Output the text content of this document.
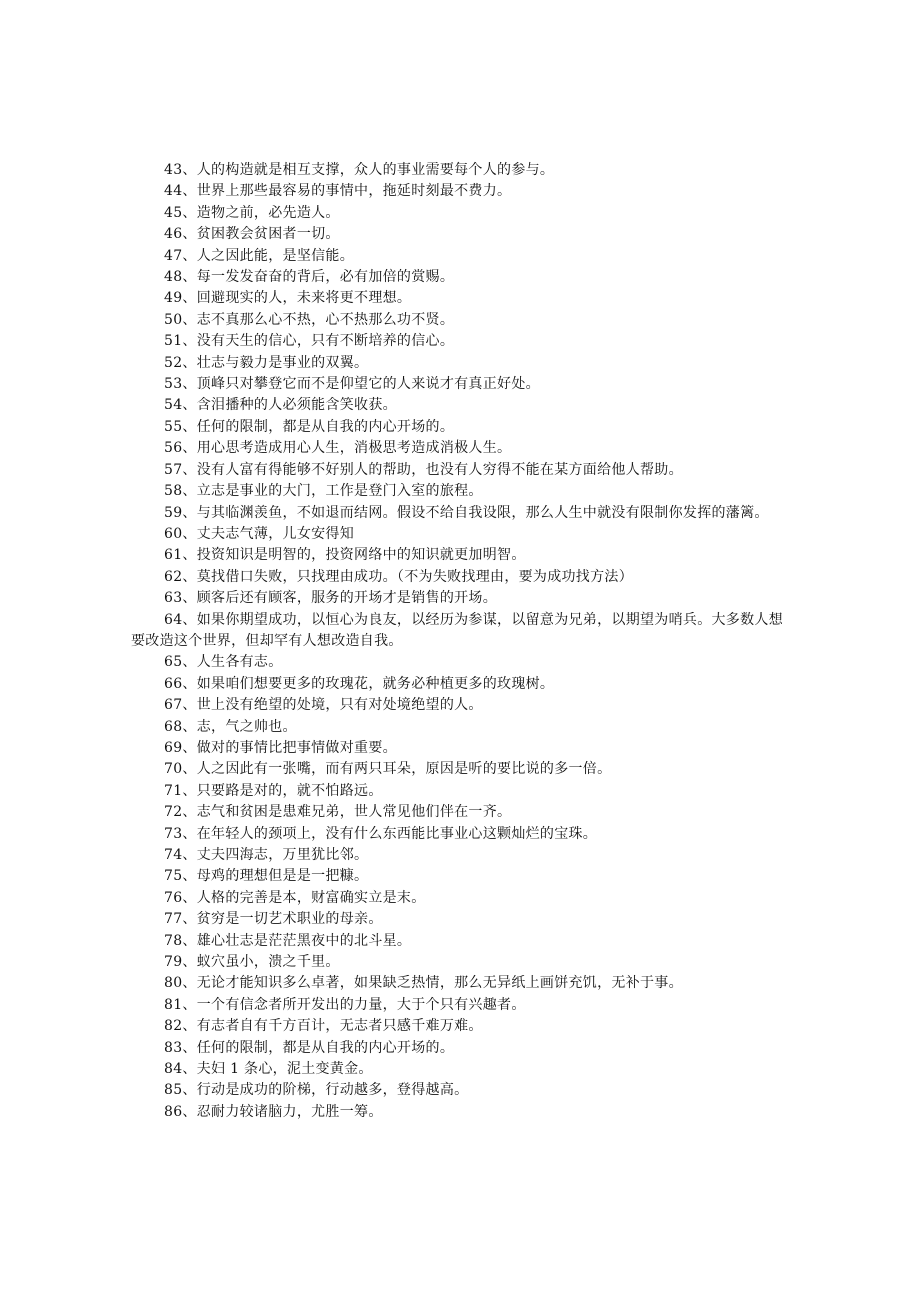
43、人的构造就是相互支撑，众人的事业需要每个人的参与。

44、世界上那些最容易的事情中，拖延时刻最不费力。

45、造物之前，必先造人。

46、贫困教会贫困者一切。

47、人之因此能，是坚信能。

48、每一发发奋奋的背后，必有加倍的赏赐。

49、回避现实的人，未来将更不理想。

50、志不真那么心不热，心不热那么功不贤。

51、没有天生的信心，只有不断培养的信心。

52、壮志与毅力是事业的双翼。

53、顶峰只对攀登它而不是仰望它的人来说才有真正好处。

54、含泪播种的人必须能含笑收获。

55、任何的限制，都是从自我的内心开场的。

56、用心思考造成用心人生，消极思考造成消极人生。

57、没有人富有得能够不好别人的帮助，也没有人穷得不能在某方面给他人帮助。

58、立志是事业的大门，工作是登门入室的旅程。

59、与其临渊羡鱼，不如退而结网。假设不给自我设限，那么人生中就没有限制你发挥的藩篱。

60、丈夫志气薄，儿女安得知

61、投资知识是明智的，投资网络中的知识就更加明智。

62、莫找借口失败，只找理由成功。（不为失败找理由，要为成功找方法）

63、顾客后还有顾客，服务的开场才是销售的开场。

64、如果你期望成功，以恒心为良友，以经历为参谋，以留意为兄弟，以期望为哨兵。大多数人想要改造这个世界，但却罕有人想改造自我。

65、人生各有志。

66、如果咱们想要更多的玫瑰花，就务必种植更多的玫瑰树。

67、世上没有绝望的处境，只有对处境绝望的人。

68、志，气之帅也。

69、做对的事情比把事情做对重要。

70、人之因此有一张嘴，而有两只耳朵，原因是听的要比说的多一倍。

71、只要路是对的，就不怕路远。

72、志气和贫困是患难兄弟，世人常见他们伴在一齐。

73、在年轻人的颈项上，没有什么东西能比事业心这颗灿烂的宝珠。

74、丈夫四海志，万里犹比邻。

75、母鸡的理想但是是一把糠。

76、人格的完善是本，财富确实立是末。

77、贫穷是一切艺术职业的母亲。

78、雄心壮志是茫茫黑夜中的北斗星。

79、蚁穴虽小，溃之千里。

80、无论才能知识多么卓著，如果缺乏热情，那么无异纸上画饼充饥，无补于事。

81、一个有信念者所开发出的力量，大于个只有兴趣者。

82、有志者自有千方百计，无志者只感千难万难。

83、任何的限制，都是从自我的内心开场的。

84、夫妇 1 条心，泥土变黄金。

85、行动是成功的阶梯，行动越多，登得越高。

86、忍耐力较诸脑力，尤胜一筹。
